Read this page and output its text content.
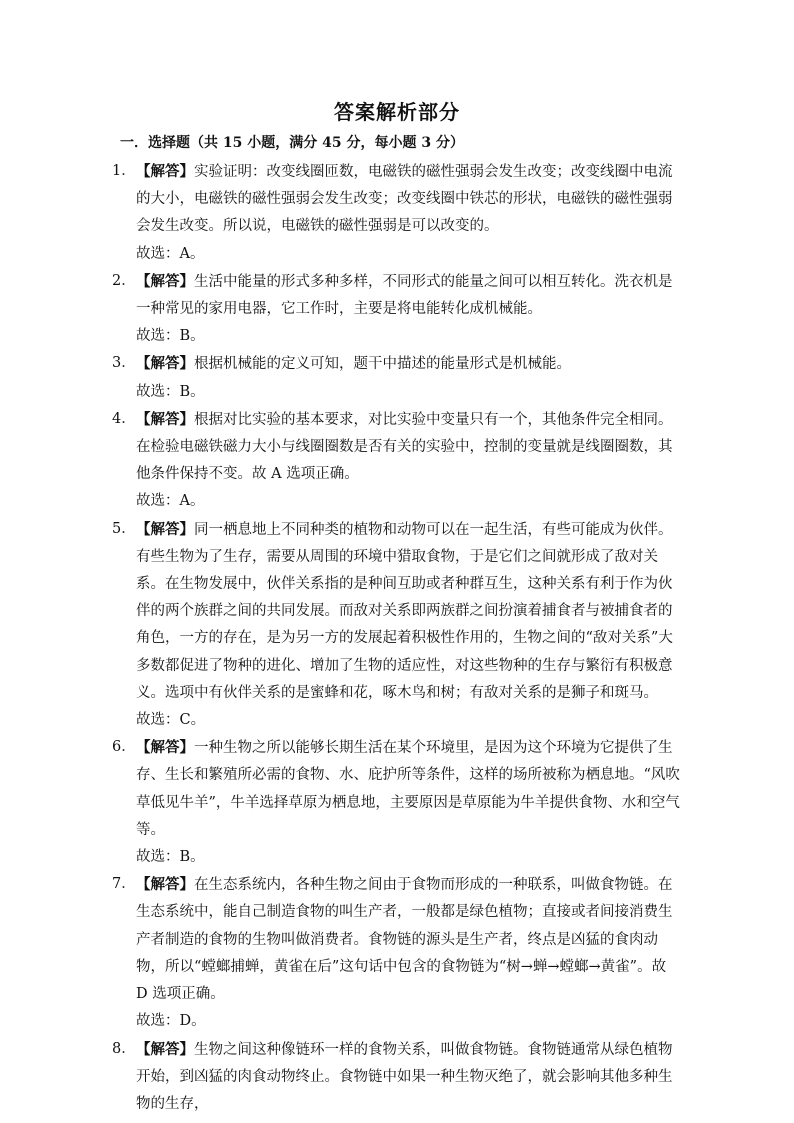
答案解析部分
一．选择题（共 15 小题，满分 45 分，每小题 3 分）
1． 【解答】实验证明：改变线圈匝数，电磁铁的磁性强弱会发生改变；改变线圈中电流的大小，电磁铁的磁性强弱会发生改变；改变线圈中铁芯的形状，电磁铁的磁性强弱会发生改变。所以说，电磁铁的磁性强弱是可以改变的。
故选：A。
2． 【解答】生活中能量的形式多种多样，不同形式的能量之间可以相互转化。洗衣机是一种常见的家用电器，它工作时，主要是将电能转化成机械能。
故选：B。
3． 【解答】根据机械能的定义可知，题干中描述的能量形式是机械能。
故选：B。
4． 【解答】根据对比实验的基本要求，对比实验中变量只有一个，其他条件完全相同。在检验电磁铁磁力大小与线圈圈数是否有关的实验中，控制的变量就是线圈圈数，其他条件保持不变。故 A 选项正确。
故选：A。
5． 【解答】同一栖息地上不同种类的植物和动物可以在一起生活，有些可能成为伙伴。有些生物为了生存，需要从周围的环境中猎取食物，于是它们之间就形成了敌对关系。在生物发展中，伙伴关系指的是种间互助或者种群互生，这种关系有利于作为伙伴的两个族群之间的共同发展。而敌对关系即两族群之间扮演着捕食者与被捕食者的角色，一方的存在，是为另一方的发展起着积极性作用的，生物之间的“敌对关系”大多数都促进了物种的进化、增加了生物的适应性，对这些物种的生存与繁衍有积极意义。选项中有伙伴关系的是蜜蜂和花，啄木鸟和树；有敌对关系的是狮子和斑马。
故选：C。
6． 【解答】一种生物之所以能够长期生活在某个环境里，是因为这个环境为它提供了生存、生长和繁殖所必需的食物、水、庇护所等条件，这样的场所被称为栖息地。“风吹草低见牛羊”，牛羊选择草原为栖息地，主要原因是草原能为牛羊提供食物、水和空气等。
故选：B。
7． 【解答】在生态系统内，各种生物之间由于食物而形成的一种联系，叫做食物链。在生态系统中，能自己制造食物的叫生产者，一般都是绿色植物；直接或者间接消费生产者制造的食物的生物叫做消费者。食物链的源头是生产者，终点是凶猛的食肉动物，所以“螳螂捕蝉，黄雀在后”这句话中包含的食物链为“树→蝉→螳螂→黄雀”。故 D 选项正确。
故选：D。
8． 【解答】生物之间这种像链环一样的食物关系，叫做食物链。食物链通常从绿色植物开始，到凶猛的肉食动物终止。食物链中如果一种生物灭绝了，就会影响其他多种生物的生存，
